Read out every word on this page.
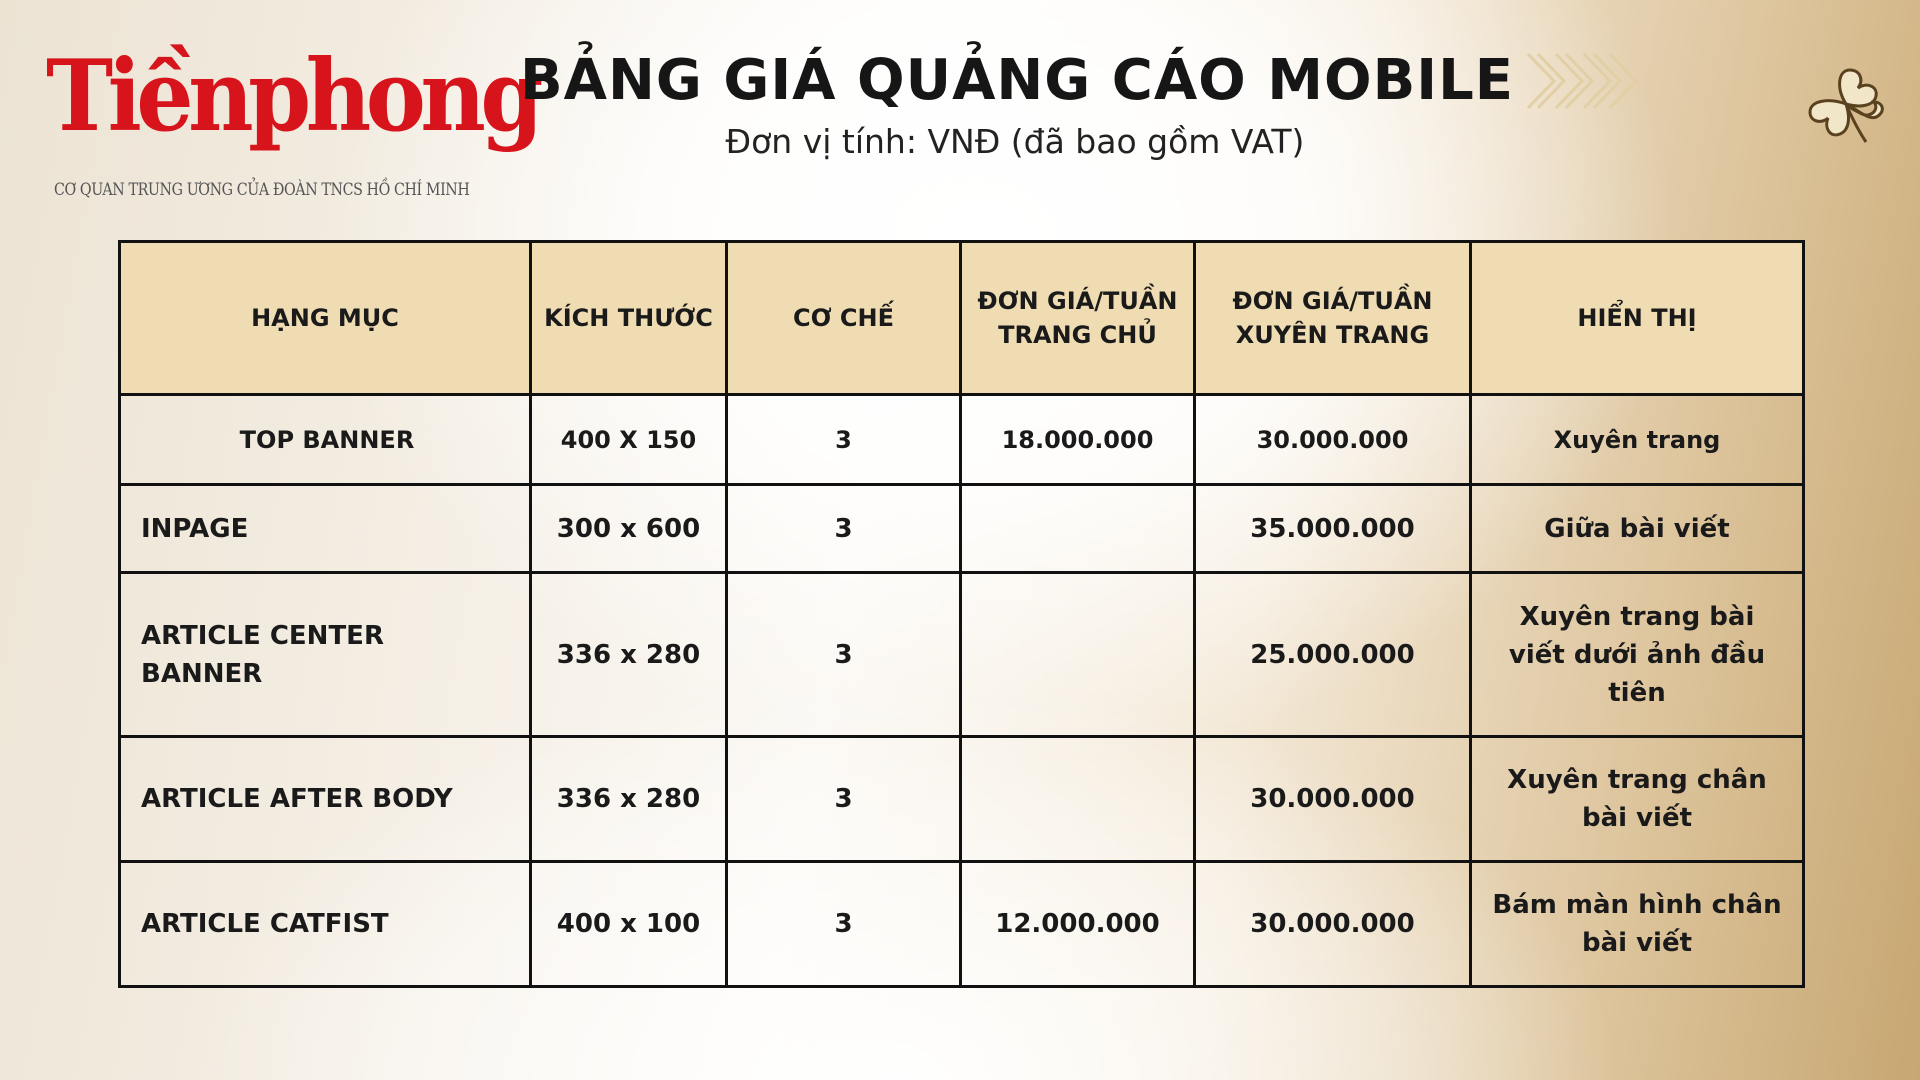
Tiềnphong
CƠ QUAN TRUNG ƯƠNG CỦA ĐOÀN TNCS HỒ CHÍ MINH
BẢNG GIÁ QUẢNG CÁO MOBILE
Đơn vị tính: VNĐ (đã bao gồm VAT)
HẠNG MỤC	KÍCH THƯỚC	CƠ CHẾ	ĐƠN GIÁ/TUẦN TRANG CHỦ	ĐƠN GIÁ/TUẦN XUYÊN TRANG	HIỂN THỊ
TOP BANNER	400 X 150	3	18.000.000	30.000.000	Xuyên trang
INPAGE	300 x 600	3		35.000.000	Giữa bài viết
ARTICLE CENTER BANNER	336 x 280	3		25.000.000	Xuyên trang bài viết dưới ảnh đầu tiên
ARTICLE AFTER BODY	336 x 280	3		30.000.000	Xuyên trang chân bài viết
ARTICLE CATFIST	400 x 100	3	12.000.000	30.000.000	Bám màn hình chân bài viết
